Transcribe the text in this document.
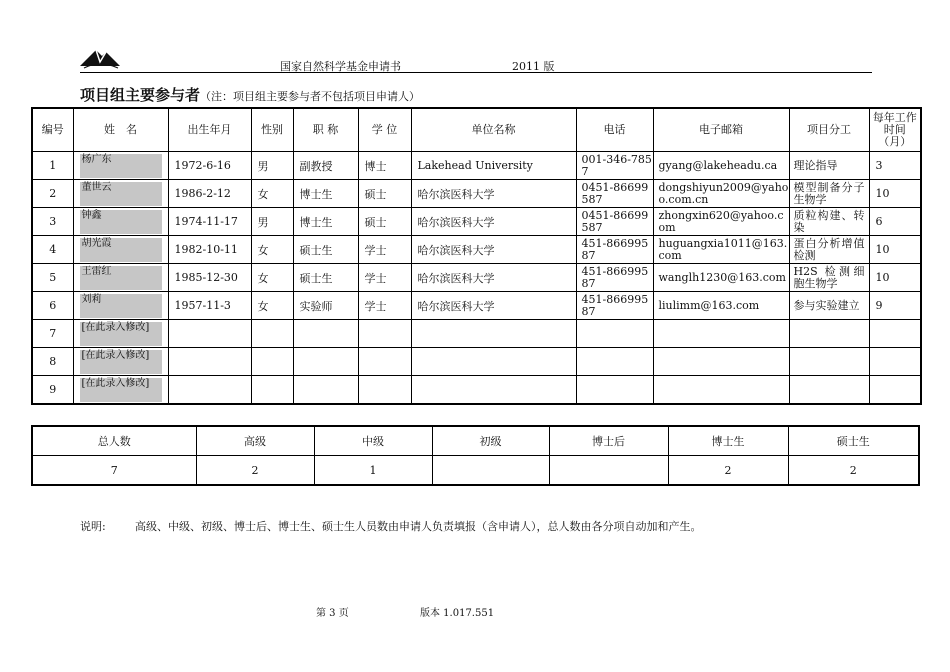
国家自然科学基金申请书	2011 版
项目组主要参与者（注：项目组主要参与者不包括项目申请人）
编号	姓　名	出生年月	性别	职 称	学 位	单位名称	电话	电子邮箱	项目分工	每年工作时间（月）
1	杨广东	1972-6-16	男	副教授	博士	Lakehead University	001-346-7857	gyang@lakeheadu.ca	理论指导	3
2	董世云	1986-2-12	女	博士生	硕士	哈尔滨医科大学	0451-86699587	dongshiyun2009@yahoo.com.cn	模型制备分子生物学	10
3	钟鑫	1974-11-17	男	博士生	硕士	哈尔滨医科大学	0451-86699587	zhongxin620@yahoo.com	质粒构建、转染	6
4	胡光霞	1982-10-11	女	硕士生	学士	哈尔滨医科大学	451-86699587	huguangxia1011@163.com	蛋白分析增值检测	10
5	王雷红	1985-12-30	女	硕士生	学士	哈尔滨医科大学	451-86699587	wanglh1230@163.com	H2S 检测细胞生物学	10
6	刘莉	1957-11-3	女	实验师	学士	哈尔滨医科大学	451-86699587	liulimm@163.com	参与实验建立	9
7	[在此录入修改]									

8	[在此录入修改]									

9	[在此录入修改]									

总人数	高级	中级	初级	博士后	博士生	硕士生
7	2	1			2	2
说明:	高级、中级、初级、博士后、博士生、硕士生人员数由申请人负责填报（含申请人），总人数由各分项自动加和产生。
第 3 页	版本 1.017.551
